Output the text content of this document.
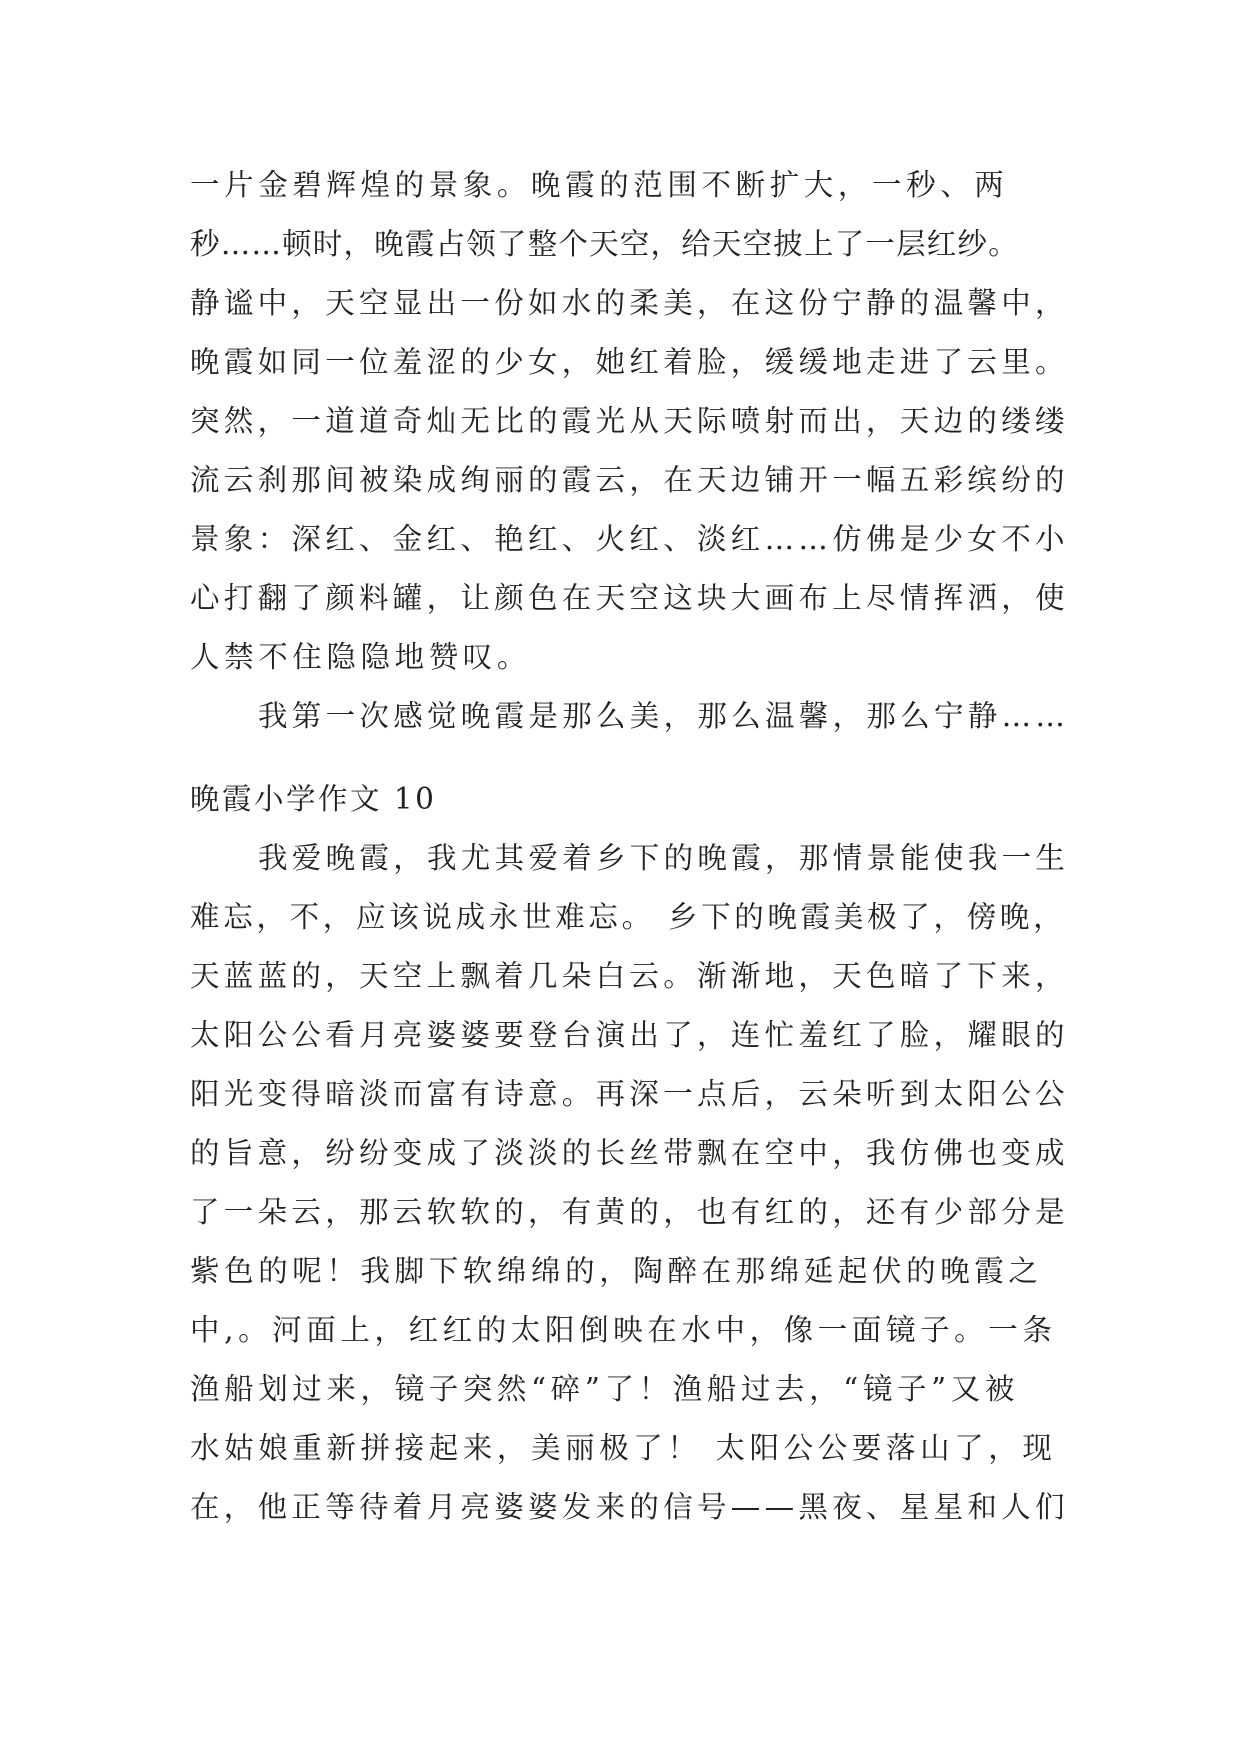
一片金碧辉煌的景象。晚霞的范围不断扩大，一秒、两
秒……顿时，晚霞占领了整个天空，给天空披上了一层红纱。
静谧中，天空显出一份如水的柔美，在这份宁静的温馨中，
晚霞如同一位羞涩的少女，她红着脸，缓缓地走进了云里。
突然，一道道奇灿无比的霞光从天际喷射而出，天边的缕缕
流云刹那间被染成绚丽的霞云，在天边铺开一幅五彩缤纷的
景象：深红、金红、艳红、火红、淡红……仿佛是少女不小
心打翻了颜料罐，让颜色在天空这块大画布上尽情挥洒，使
人禁不住隐隐地赞叹。
我第一次感觉晚霞是那么美，那么温馨，那么宁静……
晚霞小学作文 10
我爱晚霞，我尤其爱着乡下的晚霞，那情景能使我一生
难忘，不，应该说成永世难忘。 乡下的晚霞美极了，傍晚，
天蓝蓝的，天空上飘着几朵白云。渐渐地，天色暗了下来，
太阳公公看月亮婆婆要登台演出了，连忙羞红了脸，耀眼的
阳光变得暗淡而富有诗意。再深一点后，云朵听到太阳公公
的旨意，纷纷变成了淡淡的长丝带飘在空中，我仿佛也变成
了一朵云，那云软软的，有黄的，也有红的，还有少部分是
紫色的呢！我脚下软绵绵的，陶醉在那绵延起伏的晚霞之
中,。河面上，红红的太阳倒映在水中，像一面镜子。一条
渔船划过来，镜子突然“碎”了！渔船过去，“镜子”又被
水姑娘重新拼接起来，美丽极了！ 太阳公公要落山了，现
在，他正等待着月亮婆婆发来的信号——黑夜、星星和人们
